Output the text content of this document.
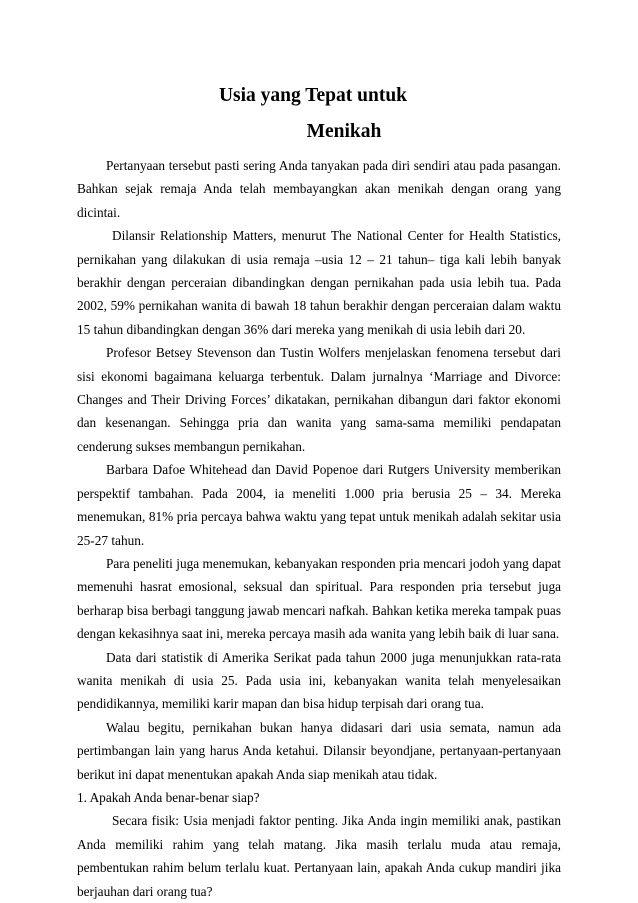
Usia yang Tepat untuk
Menikah

Pertanyaan tersebut pasti sering Anda tanyakan pada diri sendiri atau pada pasangan. Bahkan sejak remaja Anda telah membayangkan akan menikah dengan orang yang dicintai.

Dilansir Relationship Matters, menurut The National Center for Health Statistics, pernikahan yang dilakukan di usia remaja –usia 12 – 21 tahun– tiga kali lebih banyak berakhir dengan perceraian dibandingkan dengan pernikahan pada usia lebih tua. Pada 2002, 59% pernikahan wanita di bawah 18 tahun berakhir dengan perceraian dalam waktu 15 tahun dibandingkan dengan 36% dari mereka yang menikah di usia lebih dari 20.

Profesor Betsey Stevenson dan Tustin Wolfers menjelaskan fenomena tersebut dari sisi ekonomi bagaimana keluarga terbentuk. Dalam jurnalnya ‘Marriage and Divorce: Changes and Their Driving Forces’ dikatakan, pernikahan dibangun dari faktor ekonomi dan kesenangan. Sehingga pria dan wanita yang sama-sama memiliki pendapatan cenderung sukses membangun pernikahan.

Barbara Dafoe Whitehead dan David Popenoe dari Rutgers University memberikan perspektif tambahan. Pada 2004, ia meneliti 1.000 pria berusia 25 – 34. Mereka menemukan, 81% pria percaya bahwa waktu yang tepat untuk menikah adalah sekitar usia 25-27 tahun.

Para peneliti juga menemukan, kebanyakan responden pria mencari jodoh yang dapat memenuhi hasrat emosional, seksual dan spiritual. Para responden pria tersebut juga berharap bisa berbagi tanggung jawab mencari nafkah. Bahkan ketika mereka tampak puas dengan kekasihnya saat ini, mereka percaya masih ada wanita yang lebih baik di luar sana.

Data dari statistik di Amerika Serikat pada tahun 2000 juga menunjukkan rata-rata wanita menikah di usia 25. Pada usia ini, kebanyakan wanita telah menyelesaikan pendidikannya, memiliki karir mapan dan bisa hidup terpisah dari orang tua.

Walau begitu, pernikahan bukan hanya didasari dari usia semata, namun ada pertimbangan lain yang harus Anda ketahui. Dilansir beyondjane, pertanyaan-pertanyaan berikut ini dapat menentukan apakah Anda siap menikah atau tidak.

1. Apakah Anda benar-benar siap?

Secara fisik: Usia menjadi faktor penting. Jika Anda ingin memiliki anak, pastikan Anda memiliki rahim yang telah matang. Jika masih terlalu muda atau remaja, pembentukan rahim belum terlalu kuat. Pertanyaan lain, apakah Anda cukup mandiri jika berjauhan dari orang tua?
